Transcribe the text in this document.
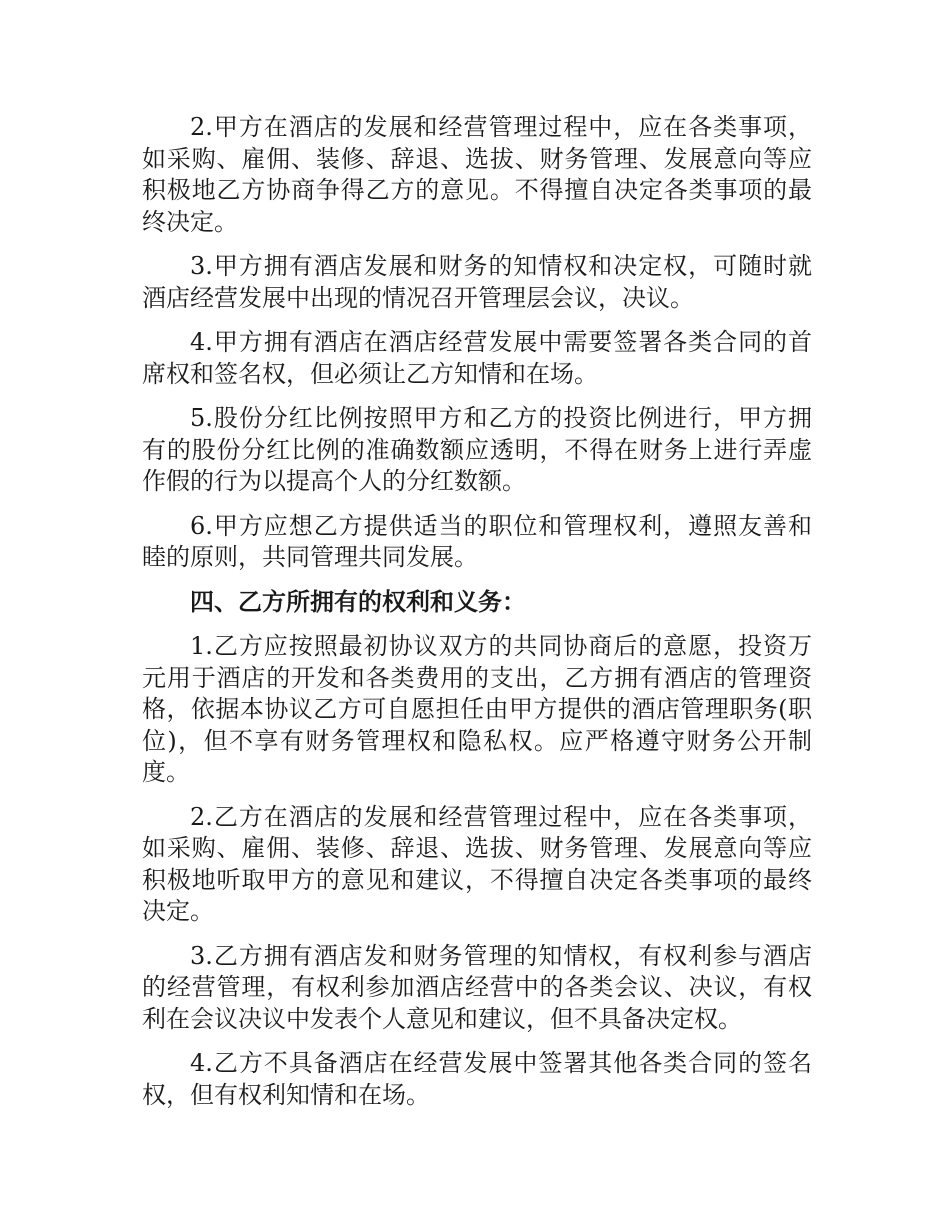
2.甲方在酒店的发展和经营管理过程中，应在各类事项，如采购、雇佣、装修、辞退、选拔、财务管理、发展意向等应积极地乙方协商争得乙方的意见。不得擅自决定各类事项的最终决定。

3.甲方拥有酒店发展和财务的知情权和决定权，可随时就酒店经营发展中出现的情况召开管理层会议，决议。

4.甲方拥有酒店在酒店经营发展中需要签署各类合同的首席权和签名权，但必须让乙方知情和在场。

5.股份分红比例按照甲方和乙方的投资比例进行，甲方拥有的股份分红比例的准确数额应透明，不得在财务上进行弄虚作假的行为以提高个人的分红数额。

6.甲方应想乙方提供适当的职位和管理权利，遵照友善和睦的原则，共同管理共同发展。

四、乙方所拥有的权利和义务：

1.乙方应按照最初协议双方的共同协商后的意愿，投资万元用于酒店的开发和各类费用的支出，乙方拥有酒店的管理资格，依据本协议乙方可自愿担任由甲方提供的酒店管理职务(职位)，但不享有财务管理权和隐私权。应严格遵守财务公开制度。

2.乙方在酒店的发展和经营管理过程中，应在各类事项，如采购、雇佣、装修、辞退、选拔、财务管理、发展意向等应积极地听取甲方的意见和建议，不得擅自决定各类事项的最终决定。

3.乙方拥有酒店发和财务管理的知情权，有权利参与酒店的经营管理，有权利参加酒店经营中的各类会议、决议，有权利在会议决议中发表个人意见和建议，但不具备决定权。

4.乙方不具备酒店在经营发展中签署其他各类合同的签名权，但有权利知情和在场。
